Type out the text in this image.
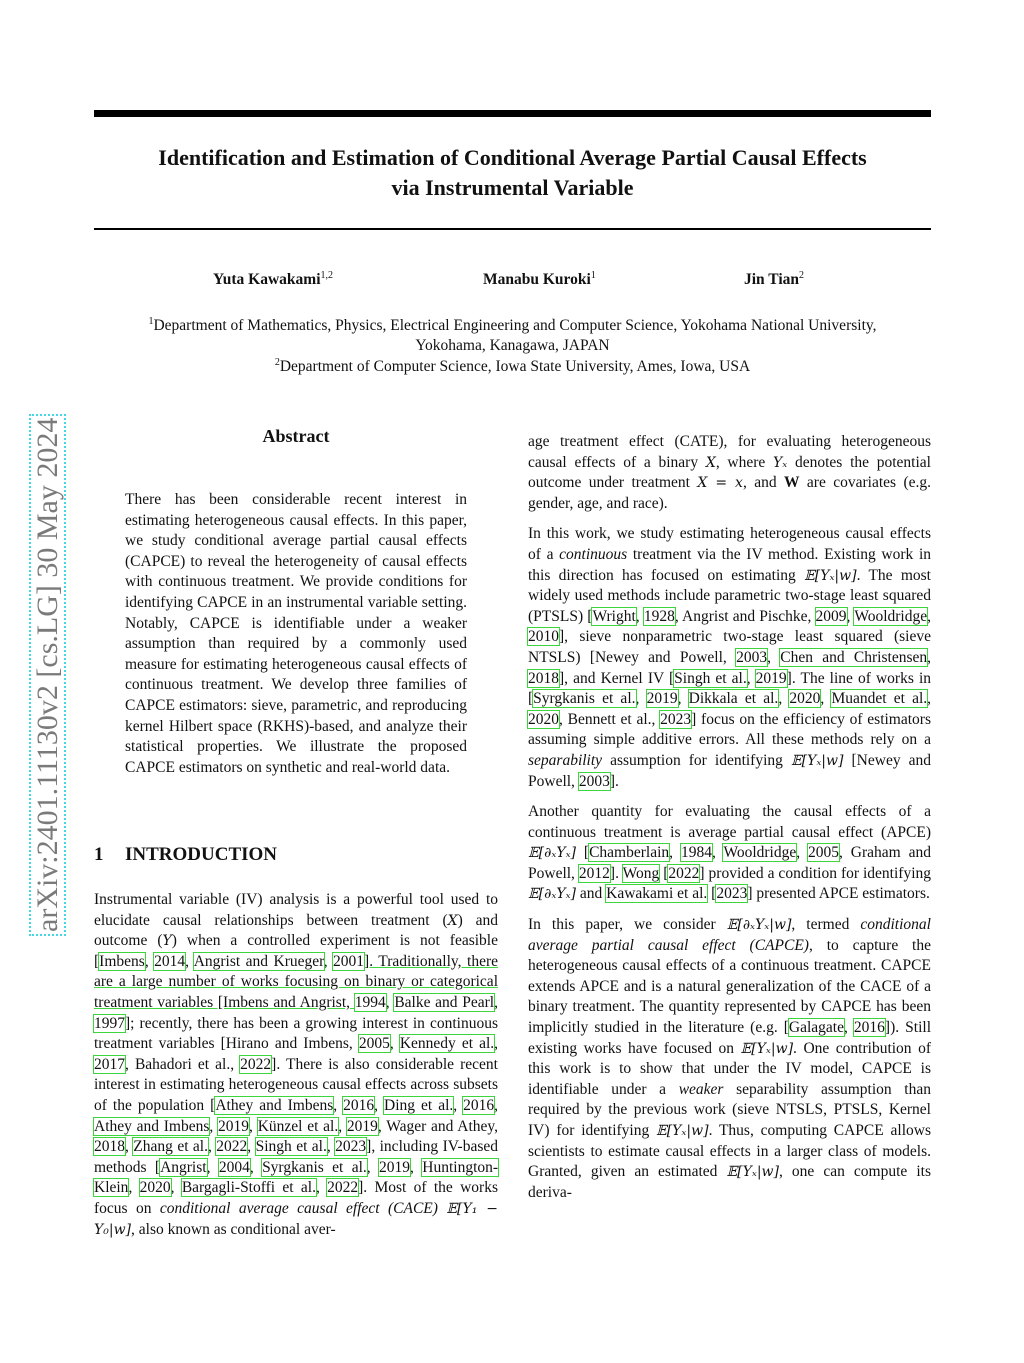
Identification and Estimation of Conditional Average Partial Causal Effects
via Instrumental Variable
Yuta Kawakami$^{1,2}$	Manabu Kuroki$^1$	Jin Tian$^2$
$^1$Department of Mathematics, Physics, Electrical Engineering and Computer Science, Yokohama National University,
Yokohama, Kanagawa, JAPAN
$^2$Department of Computer Science, Iowa State University, Ames, Iowa, USA
arXiv:2401.11130v2 [cs.LG] 30 May 2024	Abstract

There has been considerable recent interest in estimating heterogeneous causal effects. In this paper, we study conditional average partial causal effects (CAPCE) to reveal the heterogeneity of causal effects with continuous treatment. We provide conditions for identifying CAPCE in an instrumental variable setting. Notably, CAPCE is identifiable under a weaker assumption than required by a commonly used measure for estimating heterogeneous causal effects of continuous treatment. We develop three families of CAPCE estimators: sieve, parametric, and reproducing kernel Hilbert space (RKHS)-based, and analyze their statistical properties. We illustrate the proposed CAPCE estimators on synthetic and real-world data.

1 INTRODUCTION

Instrumental variable (IV) analysis is a powerful tool used to elucidate causal relationships between treatment (X) and outcome (Y) when a controlled experiment is not feasible [Imbens, 2014, Angrist and Krueger, 2001]. Traditionally, there are a large number of works focusing on binary or categorical treatment variables [Imbens and Angrist, 1994, Balke and Pearl, 1997]; recently, there has been a growing interest in continuous treatment variables [Hirano and Imbens, 2005, Kennedy et al., 2017, Bahadori et al., 2022]. There is also considerable recent interest in estimating heterogeneous causal effects across subsets of the population [Athey and Imbens, 2016, Ding et al., 2016, Athey and Imbens, 2019, Künzel et al., 2019, Wager and Athey, 2018, Zhang et al., 2022, Singh et al., 2023], including IV-based methods [Angrist, 2004, Syrgkanis et al., 2019, Huntington-Klein, 2020, Bargagli-Stoffi et al., 2022]. Most of the works focus on conditional average causal effect (CACE) 𝔼[Y₁ − Y₀|w], also known as conditional aver-

age treatment effect (CATE), for evaluating heterogeneous causal effects of a binary X, where Yₓ denotes the potential outcome under treatment X = x, and W are covariates (e.g. gender, age, and race).

In this work, we study estimating heterogeneous causal effects of a continuous treatment via the IV method. Existing work in this direction has focused on estimating 𝔼[Yₓ|w]. The most widely used methods include parametric two-stage least squared (PTSLS) [Wright, 1928, Angrist and Pischke, 2009, Wooldridge, 2010], sieve nonparametric two-stage least squared (sieve NTSLS) [Newey and Powell, 2003, Chen and Christensen, 2018], and Kernel IV [Singh et al., 2019]. The line of works in [Syrgkanis et al., 2019, Dikkala et al., 2020, Muandet et al., 2020, Bennett et al., 2023] focus on the efficiency of estimators assuming simple additive errors. All these methods rely on a separability assumption for identifying 𝔼[Yₓ|w] [Newey and Powell, 2003].

Another quantity for evaluating the causal effects of a continuous treatment is average partial causal effect (APCE) 𝔼[∂ₓYₓ] [Chamberlain, 1984, Wooldridge, 2005, Graham and Powell, 2012]. Wong [2022] provided a condition for identifying 𝔼[∂ₓYₓ] and Kawakami et al. [2023] presented APCE estimators.

In this paper, we consider 𝔼[∂ₓYₓ|w], termed conditional average partial causal effect (CAPCE), to capture the heterogeneous causal effects of a continuous treatment. CAPCE extends APCE and is a natural generalization of the CACE of a binary treatment. The quantity represented by CAPCE has been implicitly studied in the literature (e.g. [Galagate, 2016]). Still existing works have focused on 𝔼[Yₓ|w]. One contribution of this work is to show that under the IV model, CAPCE is identifiable under a weaker separability assumption than required by the previous work (sieve NTSLS, PTSLS, Kernel IV) for identifying 𝔼[Yₓ|w]. Thus, computing CAPCE allows scientists to estimate causal effects in a larger class of models. Granted, given an estimated 𝔼[Yₓ|w], one can compute its deriva-
